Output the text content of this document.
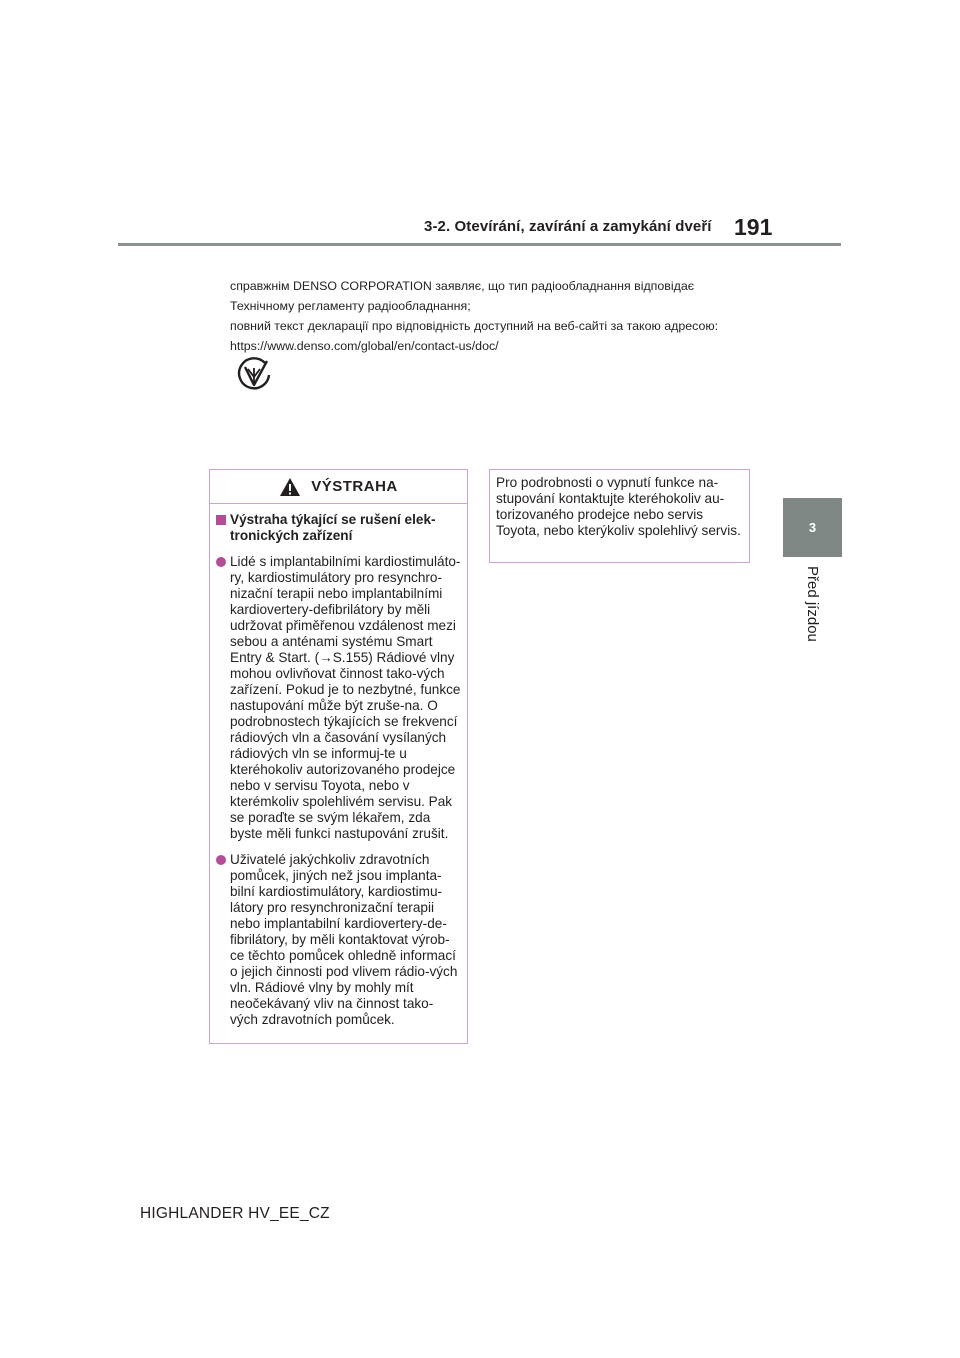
3-2. Otevírání, zavírání a zamykání dveří 191
3
Před jízdou
справжнім DENSO CORPORATION заявляє, що тип радіообладнання відповідає
Технічному регламенту радіообладнання;
повний текст декларації про відповідність доступний на веб-сайті за такою адресою:
https://www.denso.com/global/en/contact-us/doc/
VÝSTRAHA
Výstraha týkající se rušení elek-tronických zařízení
Lidé s implantabilními kardiostimuláto-ry, kardiostimulátory pro resynchro-nizační terapii nebo implantabilními kardiovertery-defibrilátory by měli udržovat přiměřenou vzdálenost mezi sebou a anténami systému Smart Entry & Start. (→S.155) Rádiové vlny mohou ovlivňovat činnost tako-vých zařízení. Pokud je to nezbytné, funkce nastupování může být zruše-na. O podrobnostech týkajících se frekvencí rádiových vln a časování vysílaných rádiových vln se informuj-te u kteréhokoliv autorizovaného prodejce nebo v servisu Toyota, nebo v kterémkoliv spolehlivém servisu. Pak se poraďte se svým lékařem, zda byste měli funkci nastupování zrušit.
Uživatelé jakýchkoliv zdravotních pomůcek, jiných než jsou implanta-bilní kardiostimulátory, kardiostimu-látory pro resynchronizační terapii nebo implantabilní kardiovertery-de-fibrilátory, by měli kontaktovat výrob-ce těchto pomůcek ohledně informací o jejich činnosti pod vlivem rádio-vých vln. Rádiové vlny by mohly mít neočekávaný vliv na činnost tako-vých zdravotních pomůcek.
Pro podrobnosti o vypnutí funkce na-stupování kontaktujte kteréhokoliv au-torizovaného prodejce nebo servis Toyota, nebo kterýkoliv spolehlivý servis.
HIGHLANDER HV_EE_CZ
